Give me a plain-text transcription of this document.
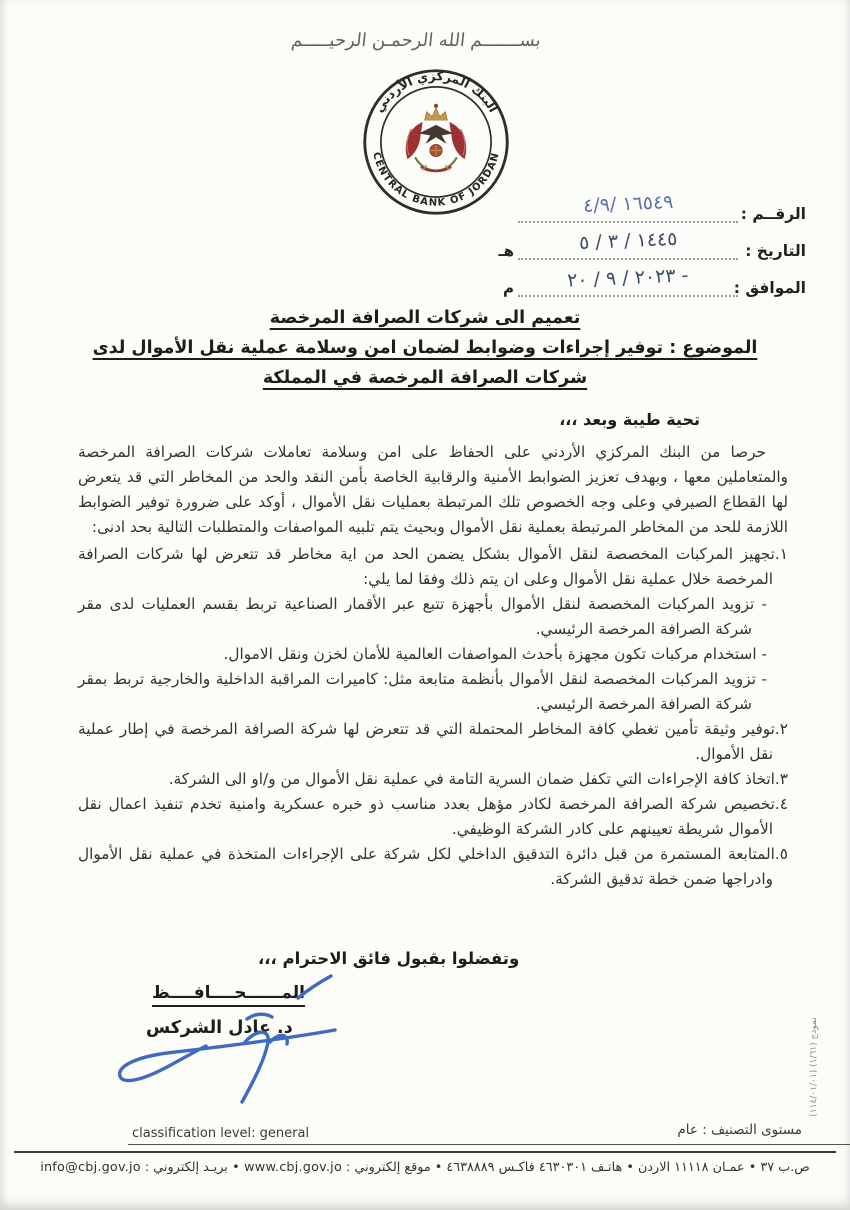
بســـــــم الله الرحمـن الرحيـــــم
البنك المركزي الأردني
CENTRAL BANK OF JORDAN
الرقــم :
١٦٥٤٩ /٤/٩
التاريخ :
١٤٤٥ / ٣ / ٥
هـ
الموافق :
٢٠٢٣ / ٩ / ٢٠ -
م
تعميم الى شركات الصرافة المرخصة
الموضوع : توفير إجراءات وضوابط لضمان امن وسلامة عملية نقل الأموال لدى
شركات الصرافة المرخصة في المملكة
تحية طيبة وبعد ،،،

حرصا من البنك المركزي الأردني على الحفاظ على امن وسلامة تعاملات شركات الصرافة المرخصة والمتعاملين معها ، وبهدف تعزيز الضوابط الأمنية والرقابية الخاصة بأمن النقد والحد من المخاطر التي قد يتعرض لها القطاع الصيرفي وعلى وجه الخصوص تلك المرتبطة بعمليات نقل الأموال ، أوكد على ضرورة توفير الضوابط اللازمة للحد من المخاطر المرتبطة بعملية نقل الأموال وبحيث يتم تلبيه المواصفات والمتطلبات التالية بحد ادنى:

١.تجهيز المركبات المخصصة لنقل الأموال بشكل يضمن الحد من اية مخاطر قد تتعرض لها شركات الصرافة المرخصة خلال عملية نقل الأموال وعلى ان يتم ذلك وفقا لما يلي:

- تزويد المركبات المخصصة لنقل الأموال بأجهزة تتبع عبر الأقمار الصناعية تربط بقسم العمليات لدى مقر شركة الصرافة المرخصة الرئيسي.

- استخدام مركبات تكون مجهزة بأحدث المواصفات العالمية للأمان لخزن ونقل الاموال.

- تزويد المركبات المخصصة لنقل الأموال بأنظمة متابعة مثل: كاميرات المراقبة الداخلية والخارجية تربط بمقر شركة الصرافة المرخصة الرئيسي.

٢.توفير وثيقة تأمين تغطي كافة المخاطر المحتملة التي قد تتعرض لها شركة الصرافة المرخصة في إطار عملية نقل الأموال.

٣.اتخاذ كافة الإجراءات التي تكفل ضمان السرية التامة في عملية نقل الأموال من و/او الى الشركة.

٤.تخصيص شركة الصرافة المرخصة لكادر مؤهل بعدد مناسب ذو خبره عسكرية وامنية تخدم تنفيذ اعمال نقل الأموال شريطة تعيينهم على كادر الشركة الوظيفي.

٥.المتابعة المستمرة من قبل دائرة التدقيق الداخلي لكل شركة على الإجراءات المتخذة في عملية نقل الأموال وادراجها ضمن خطة تدقيق الشركة.

وتفضلوا بقبول فائق الاحترام ،،،
المــــــحــــافــــظ
د. عادل الشركس
نموذج (١/٦١) (١١٤/٠١/٠١)
مستوى التصنيف : عام
classification level: general
ص.ب ٣٧ • عمـان ١١١١٨ الاردن • هاتـف ٤٦٣٠٣٠١ فاكـس ٤٦٣٨٨٨٩ • موقع إلكتروني : www.cbj.gov.jo • بريـد إلكتروني : info@cbj.gov.jo
